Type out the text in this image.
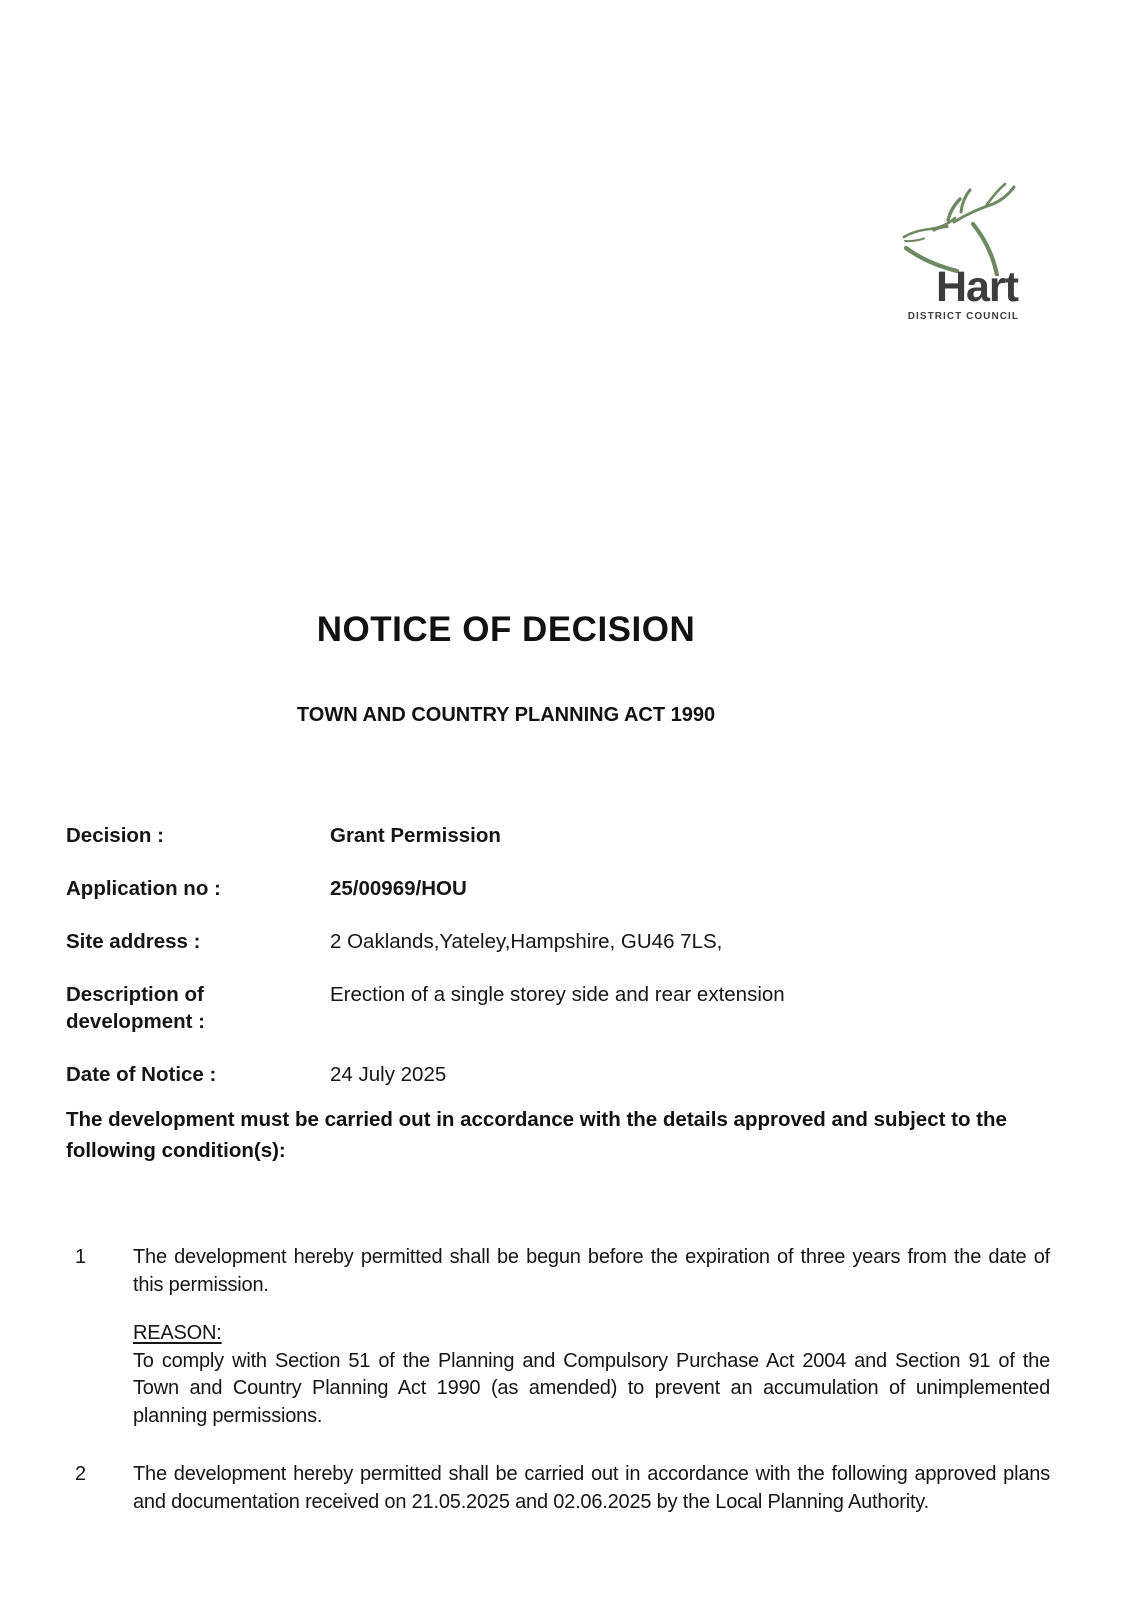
Hart
DISTRICT COUNCIL
NOTICE OF DECISION
TOWN AND COUNTRY PLANNING ACT 1990
Decision :	Grant Permission
Application no :	25/00969/HOU
Site address :	2 Oaklands,Yateley,Hampshire, GU46 7LS,
Description of development :
Erection of a single storey side and rear extension
Date of Notice :	24 July 2025

The development must be carried out in accordance with the details approved and subject to the following condition(s):

1	The development hereby permitted shall be begun before the expiration of three years from the date of this permission.

REASON:

To comply with Section 51 of the Planning and Compulsory Purchase Act 2004 and Section 91 of the Town and Country Planning Act 1990 (as amended) to prevent an accumulation of unimplemented planning permissions.

2	The development hereby permitted shall be carried out in accordance with the following approved plans and documentation received on 21.05.2025 and 02.06.2025 by the Local Planning Authority.
